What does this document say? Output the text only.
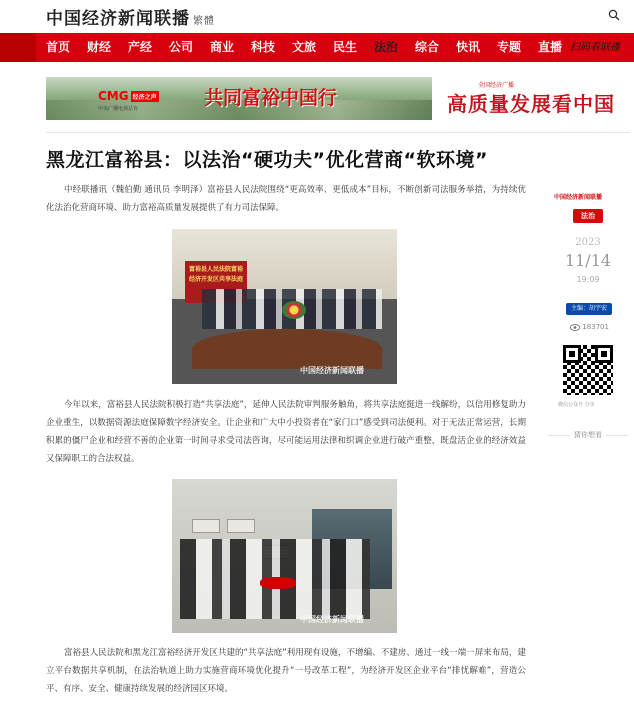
中国经济新闻联播 繁體
首页	财经	产经	公司	商业	科技	文旅	民生	法治	综合	快讯	专题	直播 扫码看联播
CMG 经济之声
中央广播电视总台	共同富裕中国行
全国经济广播
高质量发展看中国
黑龙江富裕县：以法治“硬功夫”优化营商“软环境”

中经联播讯（魏伯勤 通讯员 李明泽）富裕县人民法院围绕“更高效率、更低成本”目标，不断创新司法服务举措，为持续优化法治化营商环境、助力富裕高质量发展提供了有力司法保障。

富裕县人民法院富裕经济开发区共享法庭
中国经济新闻联播

今年以来，富裕县人民法院积极打造“共享法庭”，延伸人民法院审判服务触角，将共享法庭挺进一线解纷，以信用修复助力企业重生，以数据资源法庭保障数字经济安全。让企业和广大中小投资者在“家门口”感受到司法便利。对于无法正常运营，长期积累的僵尸企业和经营不善的企业第一时间寻求受司法咨询，尽可能运用法律和织调企业进行破产重整，既盘活企业的经济效益又保障职工的合法权益。

中国经济新闻联播

富裕县人民法院和黑龙江富裕经济开发区共建的“共享法庭”利用现有设施，不增编、不建房、通过一线一端一屏来布局，建立平台数据共享机制，在法治轨道上助力实施营商环境优化提升“一号改革工程”，为经济开发区企业平台“排忧解难”，营造公平、有序、安全、健康持续发展的经济园区环境。

中国经济新闻联播
法治
2023
11/14
19:09
主编：胡宇宏
183701
微信公众号 分享
猜你想看
